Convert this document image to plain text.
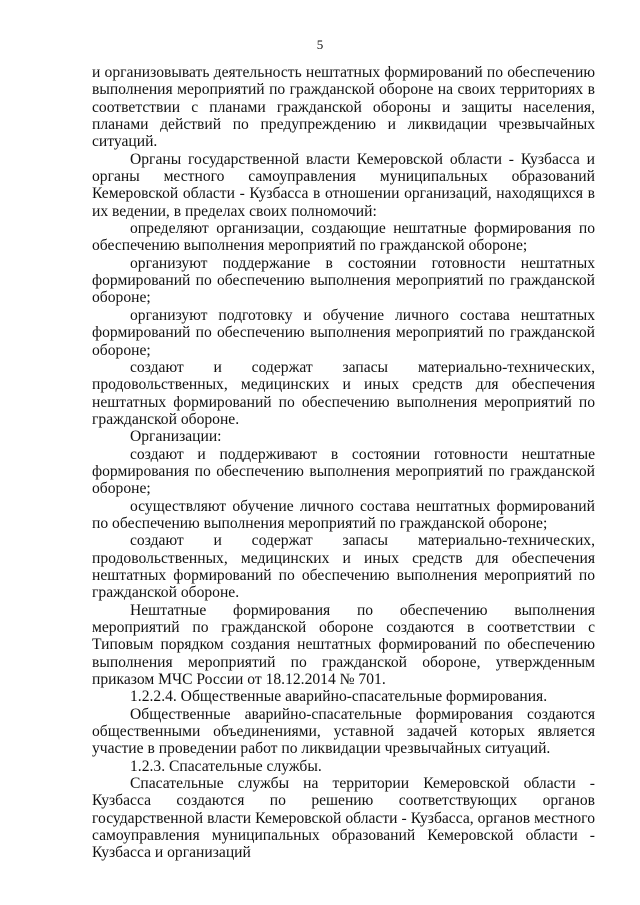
5

и организовывать деятельность нештатных формирований по обеспечению выполнения мероприятий по гражданской обороне на своих территориях в соответствии с планами гражданской обороны и защиты населения, планами действий по предупреждению и ликвидации чрезвычайных ситуаций.

Органы государственной власти Кемеровской области - Кузбасса и органы местного самоуправления муниципальных образований Кемеровской области - Кузбасса в отношении организаций, находящихся в их ведении, в пределах своих полномочий:

определяют организации, создающие нештатные формирования по обеспечению выполнения мероприятий по гражданской обороне;

организуют поддержание в состоянии готовности нештатных формирований по обеспечению выполнения мероприятий по гражданской обороне;

организуют подготовку и обучение личного состава нештатных формирований по обеспечению выполнения мероприятий по гражданской обороне;

создают и содержат запасы материально-технических, продовольственных, медицинских и иных средств для обеспечения нештатных формирований по обеспечению выполнения мероприятий по гражданской обороне.

Организации:

создают и поддерживают в состоянии готовности нештатные формирования по обеспечению выполнения мероприятий по гражданской обороне;

осуществляют обучение личного состава нештатных формирований по обеспечению выполнения мероприятий по гражданской обороне;

создают и содержат запасы материально-технических, продовольственных, медицинских и иных средств для обеспечения нештатных формирований по обеспечению выполнения мероприятий по гражданской обороне.

Нештатные формирования по обеспечению выполнения мероприятий по гражданской обороне создаются в соответствии с Типовым порядком создания нештатных формирований по обеспечению выполнения мероприятий по гражданской обороне, утвержденным приказом МЧС России от 18.12.2014 № 701.

1.2.2.4. Общественные аварийно-спасательные формирования.

Общественные аварийно-спасательные формирования создаются общественными объединениями, уставной задачей которых является участие в проведении работ по ликвидации чрезвычайных ситуаций.

1.2.3. Спасательные службы.

Спасательные службы на территории Кемеровской области - Кузбасса создаются по решению соответствующих органов государственной власти Кемеровской области - Кузбасса, органов местного самоуправления муниципальных образований Кемеровской области - Кузбасса и организаций
